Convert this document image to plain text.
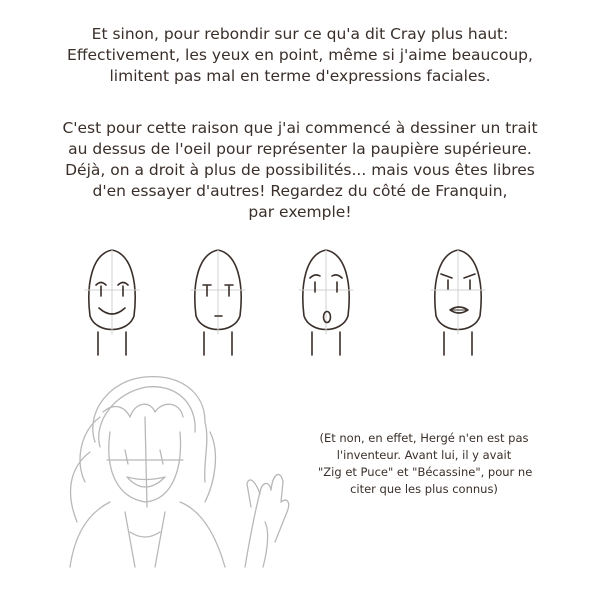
Et sinon, pour rebondir sur ce qu'a dit Cray plus haut:
Effectivement, les yeux en point, même si j'aime beaucoup,
limitent pas mal en terme d'expressions faciales.

C'est pour cette raison que j'ai commencé à dessiner un trait
au dessus de l'oeil pour représenter la paupière supérieure.
Déjà, on a droit à plus de possibilités... mais vous êtes libres
d'en essayer d'autres! Regardez du côté de Franquin,
par exemple!

(Et non, en effet, Hergé n'en est pas
l'inventeur. Avant lui, il y avait
"Zig et Puce" et "Bécassine", pour ne
citer que les plus connus)
